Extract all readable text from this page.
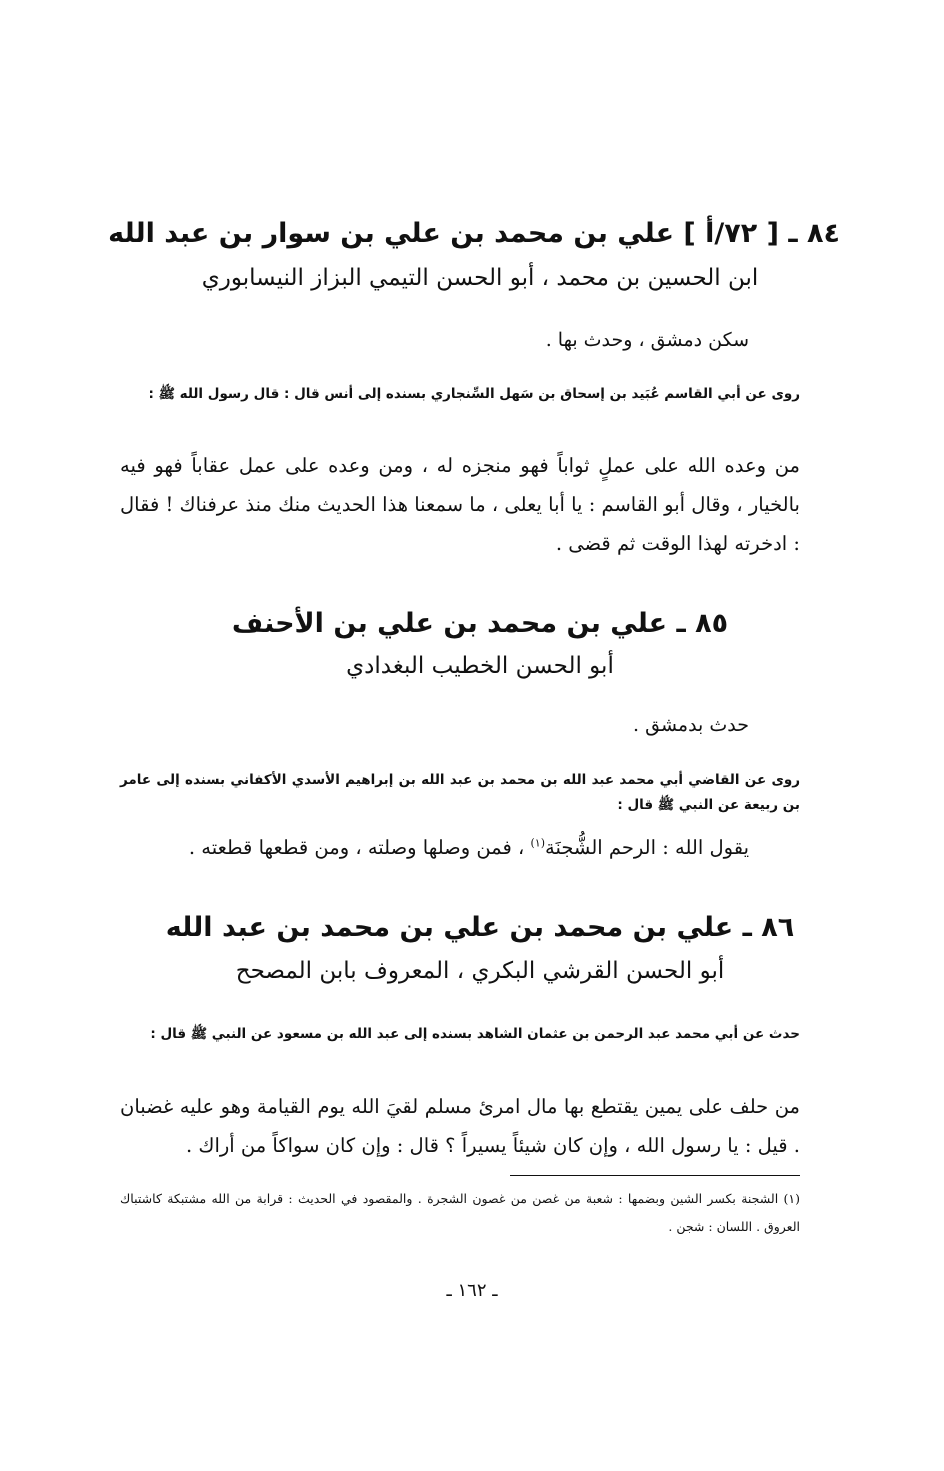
٨٤ ـ [ ٧٢/أ ] علي بن محمد بن علي بن سوار بن عبد الله
ابن الحسين بن محمد ، أبو الحسن التيمي البزاز النيسابوري
سكن دمشق ، وحدث بها .
روى عن أبي القاسم عُبَيد بن إسحاق بن سَهل السِّنجاري بسنده إلى أنس قال : قال رسول الله ﷺ :
من وعده الله على عملٍ ثواباً فهو منجزه له ، ومن وعده على عمل عقاباً فهو فيه بالخيار ، وقال أبو القاسم : يا أبا يعلى ، ما سمعنا هذا الحديث منك منذ عرفناك ! فقال : ادخرته لهذا الوقت ثم قضى .
٨٥ ـ علي بن محمد بن علي بن الأحنف
أبو الحسن الخطيب البغدادي
حدث بدمشق .
روى عن القاضي أبي محمد عبد الله بن محمد بن عبد الله بن إبراهيم الأسدي الأكفاني بسنده إلى عامر بن ربيعة عن النبي ﷺ قال :
يقول الله : الرحم الشُّجنَة$^{(١)}$ ، فمن وصلها وصلته ، ومن قطعها قطعته .
٨٦ ـ علي بن محمد بن علي بن محمد بن عبد الله
أبو الحسن القرشي البكري ، المعروف بابن المصحح
حدث عن أبي محمد عبد الرحمن بن عثمان الشاهد بسنده إلى عبد الله بن مسعود عن النبي ﷺ قال :
من حلف على يمين يقتطع بها مال امرئ مسلم لقيَ الله يوم القيامة وهو عليه غضبان . قيل : يا رسول الله ، وإن كان شيئاً يسيراً ؟ قال : وإن كان سواكاً من أراك .
(١) الشجنة بكسر الشين وبضمها : شعبة من غصن من غصون الشجرة . والمقصود في الحديث : قرابة من الله مشتبكة كاشتباك العروق . اللسان : شجن .
ـ ١٦٢ ـ
